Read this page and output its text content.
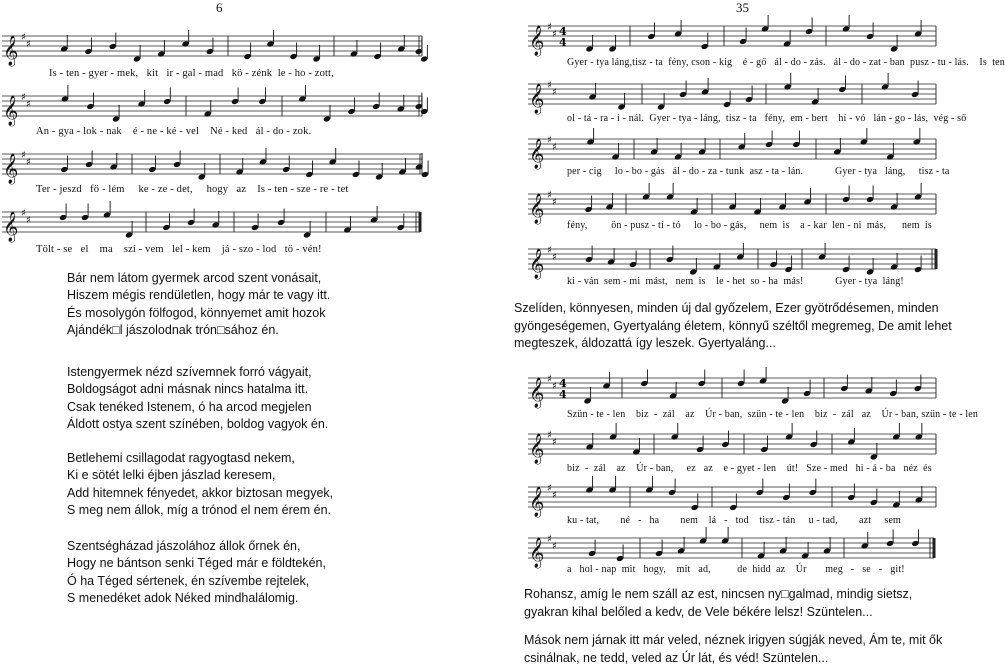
6
𝄞 ♯
♯
Is - ten - gyer - mek,   kit   ir - gal - mad   kö - zénk  le - ho - zott,
𝄞 ♯
♯
An - gya - lok - nak    é - ne - ké - vel    Né - ked   ál - do - zok.
𝄞 ♯
♯
Ter - jeszd   fö - lém     ke - ze - det,     hogy   az    Is - ten - sze - re - tet
𝄞 ♯
♯
Tölt - se   el    ma    szí - vem   lel - kem    já - szo - lod   tö - vén!
Bár nem látom gyermek arcod szent vonásait,
Hiszem mégis rendületlen, hogy már te vagy itt.
És mosolygón fölfogod, könnyemet amit hozok
Ajándék□l jászolodnak trón□sához én.
Istengyermek nézd szívemnek forró vágyait,
Boldogságot adni másnak nincs hatalma itt.
Csak tenéked Istenem, ó ha arcod megjelen
Áldott ostya szent színében, boldog vagyok én.
Betlehemi csillagodat ragyogtasd nekem,
Ki e sötét lelki éjben jászlad keresem,
Add hitemnek fényedet, akkor biztosan megyek,
S meg nem állok, míg a trónod el nem érem én.
Szentségházad jászolához állok őrnek én,
Hogy ne bántson senki Téged már e földtekén,
Ó ha Téged sértenek, én szívembe rejtelek,
S menedéket adok Néked mindhalálomig.
35
𝄞 ♯
♯ 4
4
Gyer - tya láng,tisz - ta  fény, cson - kig    é - gő   ál - do - zás.   ál - do - zat - ban  pusz - tu - lás.    Is  ten
𝄞 ♯
♯
ol - tá - ra - i - nál.  Gyer - tya - láng,  tisz - ta   fény,  em - bert    hí - vó   lán - go - lás,  vég - ső
𝄞 ♯
♯
per - cig     lo - bo - gás   ál - do - za - tunk  asz - ta - lán.            Gyer - tya   láng,     tisz - ta
𝄞 ♯
♯
fény,         ön - pusz - tí - tó     lo - bo - gás,     nem  is    a - kar  len - ni  más,      nem  is
𝄞 ♯
♯
ki - ván  sem - mi  mást,   nem  is    le - het  so - ha  más!            Gyer - tya  láng!
Szelíden, könnyesen, minden új dal győzelem, Ezer gyötrődésemen, minden gyöngeségemen, Gyertyaláng életem, könnyű széltől megremeg, De amit lehet megteszek, áldozattá így leszek. Gyertyaláng...
𝄞 ♯
♯ 4
4
Szün - te - len    biz  -  zál    az    Úr - ban,  szün - te - len    biz  -  zál   az    Úr - ban, szün - te - len
𝄞 ♯
♯
biz  -  zál    az    Úr - ban,     ez   az    e - gyet - len    út!   Sze - med   hi - á - ba   néz  és
𝄞 ♯
♯
ku - tat,        né   -   ha        nem    lá   -   tod    tisz - tán     u - tad,        azt     sem
𝄞 ♯
♯
a   hol - nap  mit   hogy,    mit   ad,          de  hidd  az    Úr       meg   -   se   -   git!
Rohansz, amíg le nem száll az est, nincsen ny□galmad, mindig sietsz, gyakran kihal belőled a kedv, de Vele békére lelsz! Szüntelen...
Mások nem járnak itt már veled, néznek irigyen súgják neved, Ám te, mit ők csinálnak, ne tedd, veled az Úr lát, és véd! Szüntelen...
